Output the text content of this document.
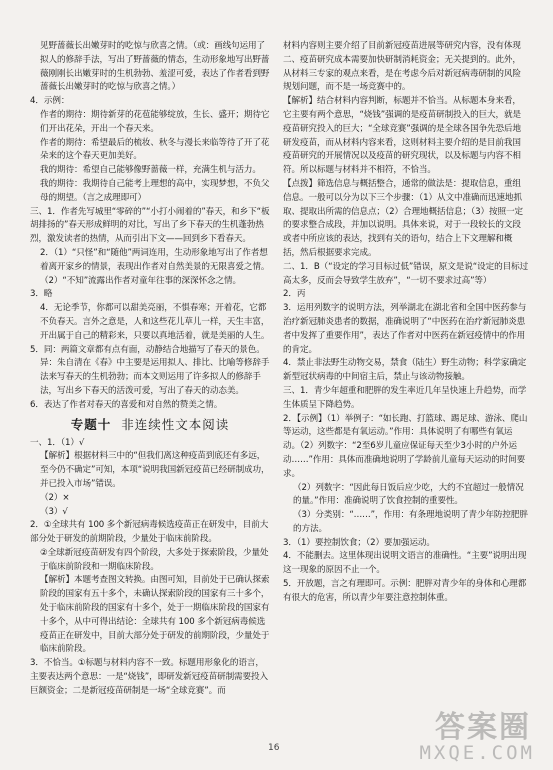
见野蔷薇长出嫩芽时的吃惊与欣喜之情。（或：画线句运用了拟人的修辞手法，写出了野蔷薇的情态，生动形象地写出野蔷薇刚刚长出嫩芽时的生机勃勃、羞涩可爱，表达了作者看到野蔷薇长出嫩芽时的吃惊与欣喜之情。）

4．示例：

作者的期待：期待新芽的花苞能够绽放，生长、盛开；期待它们开出花朵，开出一个春天来。

作者的期待：希望最后的梳妆、秋冬与漫长来临等待了开了花朵来的这个春天更加美好。

我的期待：希望自己能够像野蔷薇一样，充满生机与活力。

我的期待：我期待自己能考上理想的高中，实现梦想，不负父母的期望。（言之成理即可）

三、1．作者先写城里“零碎的”“小打小闹着的”春天，和乡下“板胡排扬的”春天形成鲜明的对比，写出了乡下春天的生机蓬勃热烈，激发读者的热情，从而引出下文——回到乡下看春天。

2．（1）“只怪”和“随他”两词连用，生动形象地写出了作者想着离开家乡的情景，表现出作者对自然美景的无限喜爱之情。

（2）“不知”流露出作者对童年往事的深深怀念之情。

3．略

4．无论季节，你都可以甜美亮丽，不惧春寒；开着花，它都不负春天。言外之意是，人和这些花儿草儿一样，天生丰富，开出属于自己的精彩来，只要以真地活着，就是美丽的人生。

5．同：两篇文章都有点有面，动静结合地描写了春天的景色。

异：朱自清在《春》中主要是运用拟人、排比、比喻等修辞手法来写春天的生机勃勃；而本文则运用了许多拟人的修辞手法，写出乡下春天的活泼可爱，写出了春天的动态美。

6．表达了作者对春天的喜爱和对自然的赞美之情。

专题十 非连续性文本阅读

一、1．（1）√

【解析】根据材料三中的“但我们离这种疫苗到底还有多远，至今仍不确定”可知，本项“说明我国新冠疫苗已经研制成功，并已投入市场”错误。

（2）×

（3）√

2．①全球共有 100 多个新冠病毒候选疫苗正在研发中，目前大部分处于研发的前期阶段，少量处于临床前阶段。

②全球新冠疫苗研发有四个阶段，大多处于探索阶段，少量处于临床前阶段和一期临床阶段。

【解析】本题考查图文转换。由图可知，目前处于已确认探索阶段的国家有五十多个，未确认探索阶段的国家有三十多个，处于临床前阶段的国家有十多个，处于一期临床阶段的国家有十多个，从中可得出结论：全球共有 100 多个新冠病毒候选疫苗正在研发中，目前大部分处于研发的前期阶段，少量处于临床前阶段。

3．不恰当。①标题与材料内容不一致。标题用形象化的语言，主要表达两个意思：一是“烧钱”，即研发新冠疫苗研制需要投入巨额资金；二是新冠疫苗研制是一场“全球竞赛”。而

材料内容则主要介绍了目前新冠疫苗进展等研究内容，没有体现二、疫苗研究成本需要加快研制消耗资金；无关提到的。此外，从材料三专家的观点来看，是在考虑今后对新冠病毒研制的风险规划问题，而不是一场竞赛中的。

【解析】结合材料内容判断，标题并不恰当。从标题本身来看，它主要有两个意思，“烧钱”强调的是疫苗研制投入的巨大，就是疫苗研究投入的巨大；“全球竞赛”强调的是全球各国争先恐后地研发疫苗，而从材料内容来看，这则材料主要介绍的是目前我国疫苗研究的开展情况以及疫苗的研究现状，以及标题与内容不相符。所以标题与材料并不相符，不恰当。

【点拨】筛选信息与概括整合，通常的做法是：提取信息，重组信息。一般可以分为以下三个步骤：（1）从文中准确而迅速地抓取、提取出所需的信息点；（2）合理地概括信息；（3）按照一定的要求整合成段，并加以说明。具体来说，对于一段较长的文段或者中所应该的表达，找到有关的语句，结合上下文理解和概括，然后根据要求完成。

二、1．B（“设定的学习目标过低”错误，原文是说“设定的目标过高太多，反而会导致学生放弃”，“一切不要求过高”等）

2．丙

3．运用列数字的说明方法，列举湖北在湖北省和全国中医药参与治疗新冠肺炎患者的数据，准确说明了“中医药在治疗新冠肺炎患者中发挥了重要作用”，表达了作者对中医药在新冠疫情中的作用的肯定。

4．禁止非法野生动物交易，禁食（陆生）野生动物；科学家确定新型冠状病毒的中间宿主后，禁止与该动物接触。

三、1．青少年超重和肥胖的发生率近几年呈快速上升趋势，而学生体质呈下降趋势。

2．【示例】（1）举例子：“如长跑、打篮球、踢足球、游泳、爬山等运动，这些都是有氧运动。”作用：具体说明了有哪些有氧运动。（2）列数字：“2至6岁儿童应保证每天至少3小时的户外运动……”作用：具体而准确地说明了学龄前儿童每天运动的时间要求。

（2）列数字：“因此每日饭后应少吃，大约不宜超过一般情况的量。”作用：准确说明了饮食控制的重要性。

（3）分类别：“……”，作用：有条理地说明了青少年防控肥胖的方法。

3．（1）要控制饮食；（2）要加强运动。

4．不能删去。这里体现出说明文语言的准确性。“主要”说明出现这一现象的原因不止一个。

5．开放题，言之有理即可。示例：肥胖对青少年的身体和心理都有很大的危害，所以青少年要注意控制体重。

16
答案圈
MXQE.COM
